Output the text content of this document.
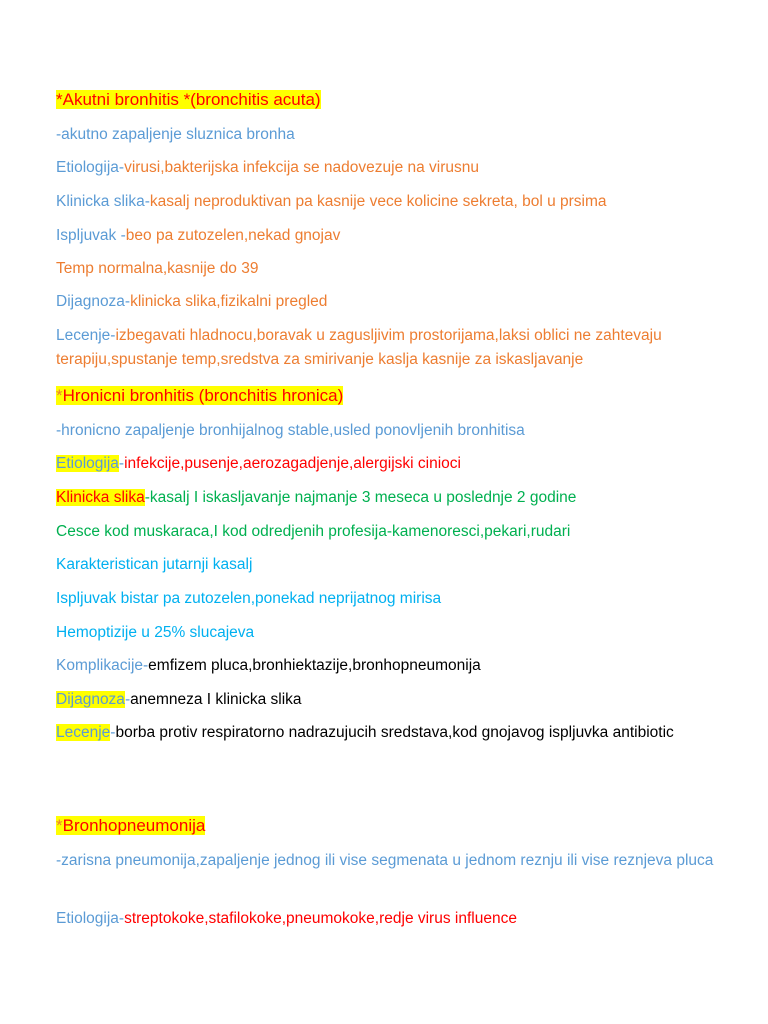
*Akutni bronhitis *(bronchitis acuta)
-akutno zapaljenje sluznica bronha
Etiologija-virusi,bakterijska infekcija se nadovezuje na virusnu
Klinicka slika-kasalj neproduktivan pa kasnije vece kolicine sekreta, bol u prsima
Ispljuvak -beo pa zutozelen,nekad gnojav
Temp normalna,kasnije do 39
Dijagnoza-klinicka slika,fizikalni pregled
Lecenje-izbegavati hladnocu,boravak u zagusljivim prostorijama,laksi oblici ne zahtevaju terapiju,spustanje temp,sredstva za smirivanje kaslja kasnije za iskasljavanje
*Hronicni bronhitis (bronchitis hronica)
-hronicno zapaljenje bronhijalnog stable,usled ponovljenih bronhitisa
Etiologija-infekcije,pusenje,aerozagadjenje,alergijski cinioci
Klinicka slika-kasalj I iskasljavanje najmanje 3 meseca u poslednje 2 godine
Cesce kod muskaraca,I kod odredjenih profesija-kamenoresci,pekari,rudari
Karakteristican jutarnji kasalj
Ispljuvak bistar pa zutozelen,ponekad neprijatnog mirisa
Hemoptizije u 25% slucajeva
Komplikacije-emfizem pluca,bronhiektazije,bronhopneumonija
Dijagnoza-anemneza I klinicka slika
Lecenje-borba protiv respiratorno nadrazujucih sredstava,kod gnojavog ispljuvka antibiotic
*Bronhopneumonija
-zarisna pneumonija,zapaljenje jednog ili vise segmenata u jednom reznju ili vise reznjeva pluca
Etiologija-streptokoke,stafilokoke,pneumokoke,redje virus influence
